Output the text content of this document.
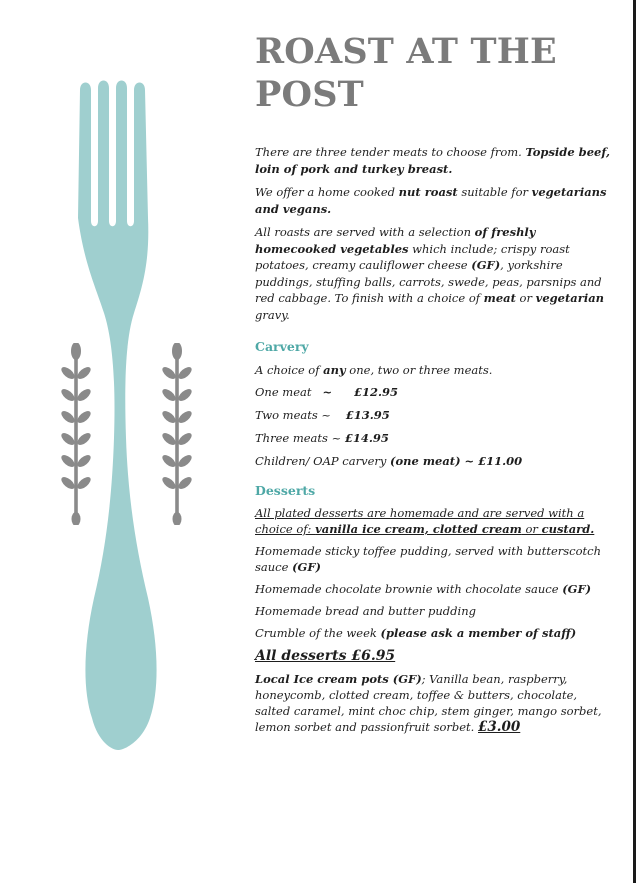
ROAST AT THE
POST

There are three tender meats to choose from. Topside beef, loin of pork and turkey breast.

We offer a home cooked nut roast suitable for vegetarians and vegans.

All roasts are served with a selection of freshly homecooked vegetables which include; crispy roast potatoes, creamy cauliflower cheese (GF), yorkshire puddings, stuffing balls, carrots, swede, peas, parsnips and red cabbage. To finish with a choice of meat or vegetarian gravy.

Carvery

A choice of any one, two or three meats.

One meat ~ £12.95

Two meats ~ £13.95

Three meats ~ £14.95

Children/ OAP carvery (one meat) ~ £11.00

Desserts

All plated desserts are homemade and are served with a choice of: vanilla ice cream, clotted cream or custard.

Homemade sticky toffee pudding, served with butterscotch sauce (GF)

Homemade chocolate brownie with chocolate sauce (GF)

Homemade bread and butter pudding

Crumble of the week (please ask a member of staff)

All desserts £6.95

Local Ice cream pots (GF); Vanilla bean, raspberry, honeycomb, clotted cream, toffee & butters, chocolate, salted caramel, mint choc chip, stem ginger, mango sorbet, lemon sorbet and passionfruit sorbet. £3.00
